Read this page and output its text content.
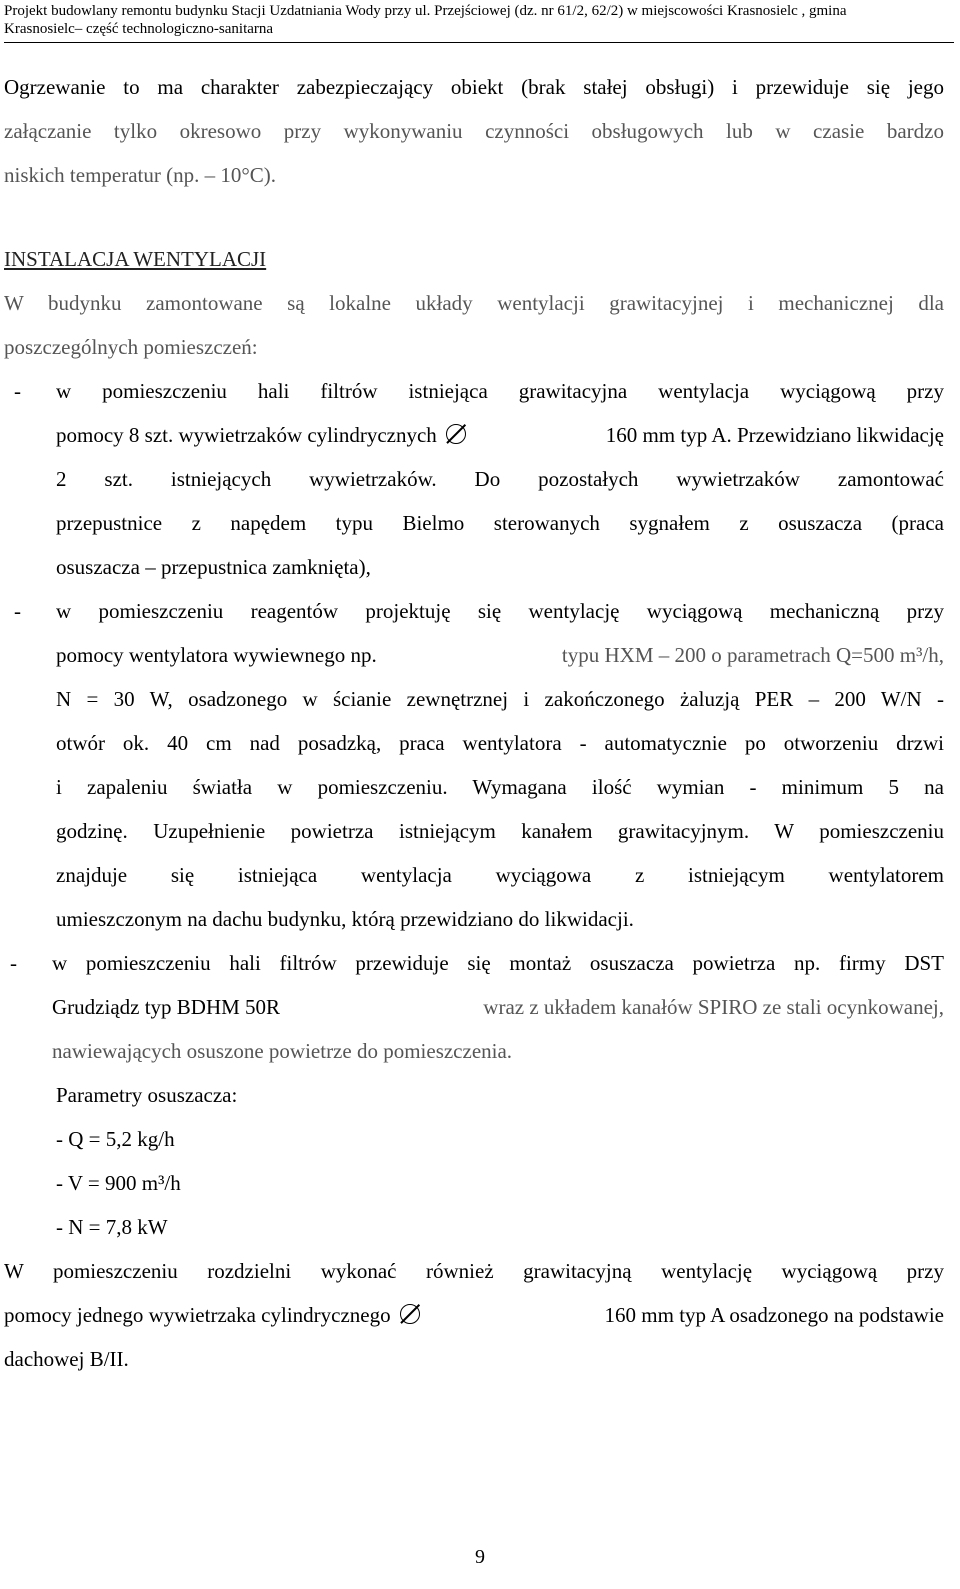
Projekt budowlany remontu budynku Stacji Uzdatniania Wody przy ul. Przejściowej (dz. nr 61/2, 62/2) w miejscowości Krasnosielc , gmina
Krasnosielc– część technologiczno-sanitarna
Ogrzewanie to ma charakter zabezpieczający obiekt (brak stałej obsługi) i przewiduje się jego
załączanie tylko okresowo przy wykonywaniu czynności obsługowych lub w czasie bardzo
niskich temperatur (np. – 10°C).
INSTALACJA WENTYLACJI
W budynku zamontowane są lokalne układy wentylacji grawitacyjnej i mechanicznej dla
poszczególnych pomieszczeń:
- w pomieszczeniu hali filtrów istniejąca grawitacyjna wentylacja wyciągową przy
pomocy 8 szt. wywietrzaków cylindrycznych	160 mm typ A. Przewidziano likwidację
2 szt. istniejących wywietrzaków. Do pozostałych wywietrzaków zamontować
przepustnice z napędem typu Bielmo sterowanych sygnałem z osuszacza (praca
osuszacza – przepustnica zamknięta),
- w pomieszczeniu reagentów projektuję się wentylację wyciągową mechaniczną przy
pomocy wentylatora wywiewnego np.	typu HXM – 200 o parametrach Q=500 m³/h,
N = 30 W, osadzonego w ścianie zewnętrznej i zakończonego żaluzją PER – 200 W/N -
otwór ok. 40 cm nad posadzką, praca wentylatora - automatycznie po otworzeniu drzwi
i zapaleniu światła w pomieszczeniu. Wymagana ilość wymian - minimum 5 na
godzinę. Uzupełnienie powietrza istniejącym kanałem grawitacyjnym. W pomieszczeniu
znajduje się istniejąca wentylacja wyciągowa z istniejącym wentylatorem
umieszczonym na dachu budynku, którą przewidziano do likwidacji.
- w pomieszczeniu hali filtrów przewiduje się montaż osuszacza powietrza np. firmy DST
Grudziądz typ BDHM 50R	wraz z układem kanałów SPIRO ze stali ocynkowanej,
nawiewających osuszone powietrze do pomieszczenia.
Parametry osuszacza:
- Q = 5,2 kg/h
- V = 900 m³/h
- N = 7,8 kW
W pomieszczeniu rozdzielni wykonać również grawitacyjną wentylację wyciągową przy
pomocy jednego wywietrzaka cylindrycznego	160 mm typ A osadzonego na podstawie
dachowej B/II.
9
